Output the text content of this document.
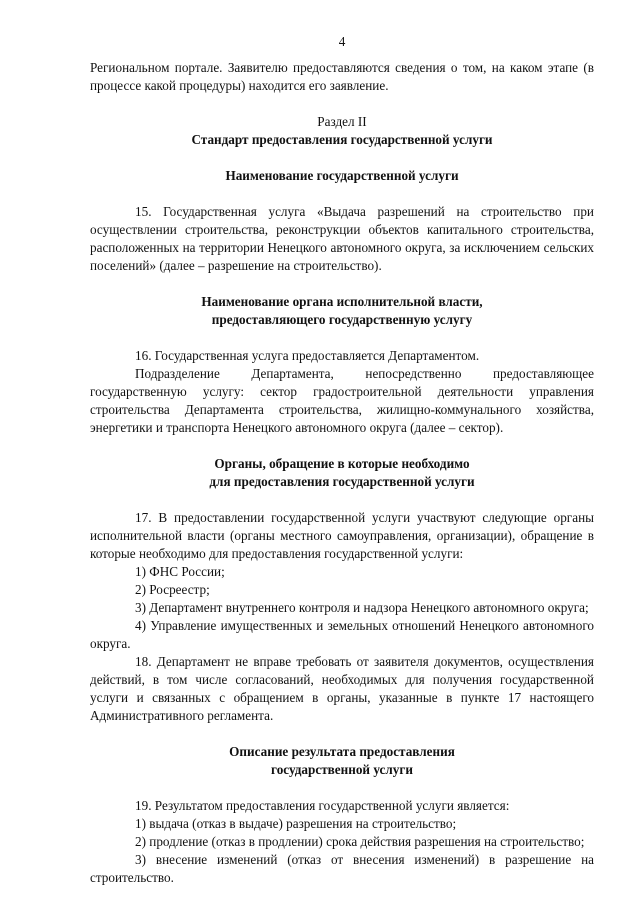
4

Региональном портале. Заявителю предоставляются сведения о том, на каком этапе (в процессе какой процедуры) находится его заявление.

Раздел II

Стандарт предоставления государственной услуги

Наименование государственной услуги

15. Государственная услуга «Выдача разрешений на строительство при осуществлении строительства, реконструкции объектов капитального строительства, расположенных на территории Ненецкого автономного округа, за исключением сельских поселений» (далее – разрешение на строительство).

Наименование органа исполнительной власти,

предоставляющего государственную услугу

16. Государственная услуга предоставляется Департаментом.

Подразделение Департамента, непосредственно предоставляющее государственную услугу: сектор градостроительной деятельности управления строительства Департамента строительства, жилищно-коммунального хозяйства, энергетики и транспорта Ненецкого автономного округа (далее – сектор).

Органы, обращение в которые необходимо

для предоставления государственной услуги

17. В предоставлении государственной услуги участвуют следующие органы исполнительной власти (органы местного самоуправления, организации), обращение в которые необходимо для предоставления государственной услуги:

1) ФНС России;

2) Росреестр;

3) Департамент внутреннего контроля и надзора Ненецкого автономного округа;

4) Управление имущественных и земельных отношений Ненецкого автономного округа.

18. Департамент не вправе требовать от заявителя документов, осуществления действий, в том числе согласований, необходимых для получения государственной услуги и связанных с обращением в органы, указанные в пункте 17 настоящего Административного регламента.

Описание результата предоставления

государственной услуги

19. Результатом предоставления государственной услуги является:

1) выдача (отказ в выдаче) разрешения на строительство;

2) продление (отказ в продлении) срока действия разрешения на строительство;

3) внесение изменений (отказ от внесения изменений) в разрешение на строительство.
